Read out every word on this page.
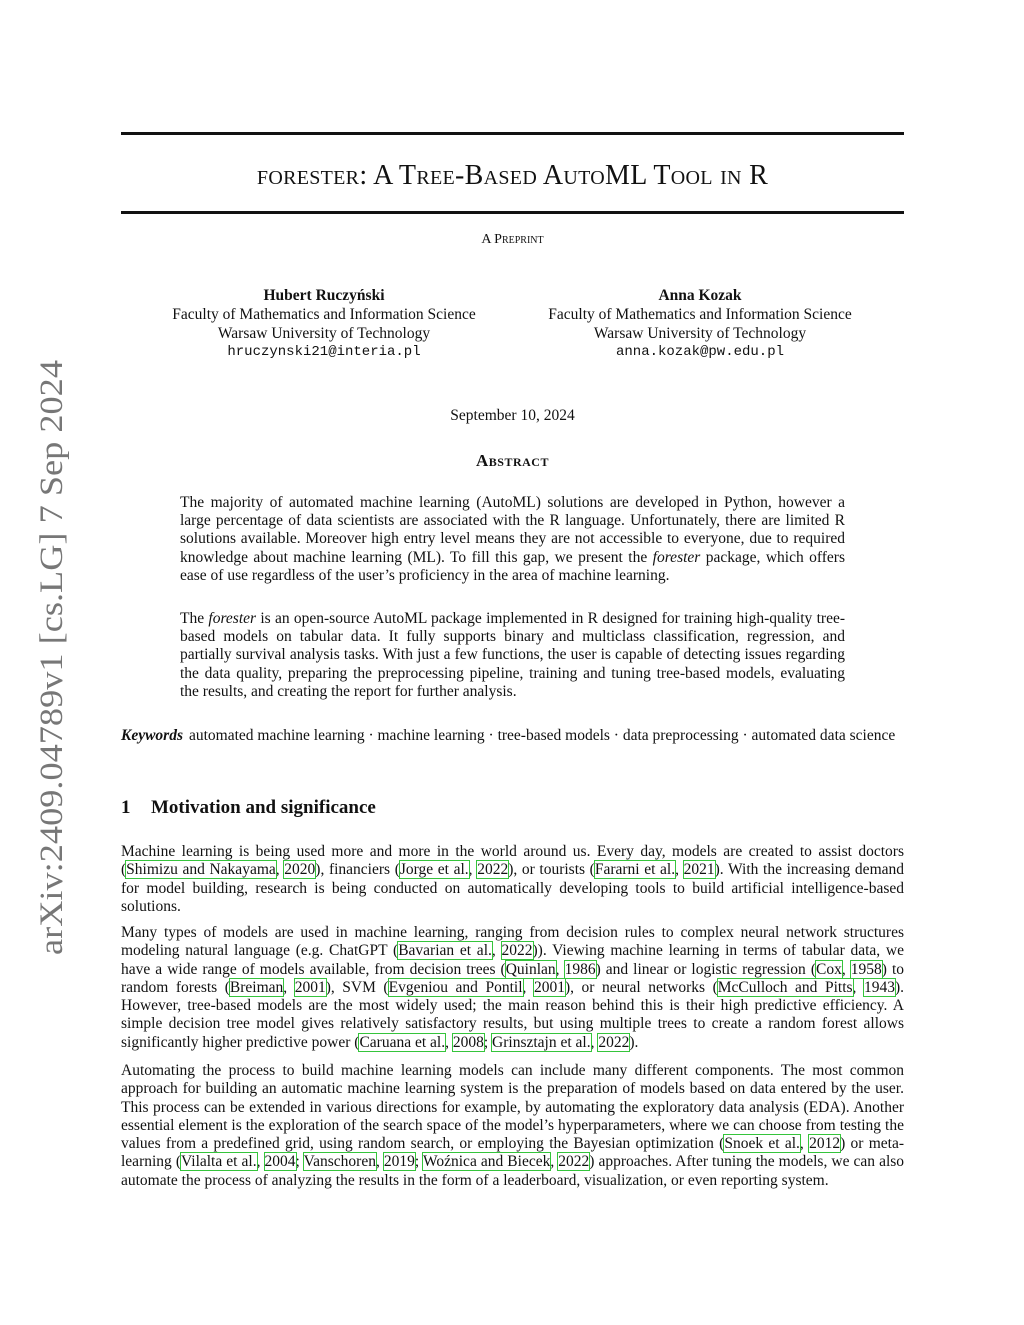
arXiv:2409.04789v1 [cs.LG] 7 Sep 2024
forester: A Tree-Based AutoML Tool in R
A Preprint
Hubert Ruczyński
Faculty of Mathematics and Information Science
Warsaw University of Technology
hruczynski21@interia.pl
Anna Kozak
Faculty of Mathematics and Information Science
Warsaw University of Technology
anna.kozak@pw.edu.pl
September 10, 2024
Abstract
The majority of automated machine learning (AutoML) solutions are developed in Python, however a large percentage of data scientists are associated with the R language. Unfortunately, there are limited R solutions available. Moreover high entry level means they are not accessible to everyone, due to required knowledge about machine learning (ML). To fill this gap, we present the forester package, which offers ease of use regardless of the user’s proficiency in the area of machine learning.
The forester is an open-source AutoML package implemented in R designed for training high-quality tree-based models on tabular data. It fully supports binary and multiclass classification, regression, and partially survival analysis tasks. With just a few functions, the user is capable of detecting issues regarding the data quality, preparing the preprocessing pipeline, training and tuning tree-based models, evaluating the results, and creating the report for further analysis.
Keywords automated machine learning · machine learning · tree-based models · data preprocessing · automated data science
1 Motivation and significance
Machine learning is being used more and more in the world around us. Every day, models are created to assist doctors (Shimizu and Nakayama, 2020), financiers (Jorge et al., 2022), or tourists (Fararni et al., 2021). With the increasing demand for model building, research is being conducted on automatically developing tools to build artificial intelligence-based solutions.
Many types of models are used in machine learning, ranging from decision rules to complex neural network structures modeling natural language (e.g. ChatGPT (Bavarian et al., 2022)). Viewing machine learning in terms of tabular data, we have a wide range of models available, from decision trees (Quinlan, 1986) and linear or logistic regression (Cox, 1958) to random forests (Breiman, 2001), SVM (Evgeniou and Pontil, 2001), or neural networks (McCulloch and Pitts, 1943). However, tree-based models are the most widely used; the main reason behind this is their high predictive efficiency. A simple decision tree model gives relatively satisfactory results, but using multiple trees to create a random forest allows significantly higher predictive power (Caruana et al., 2008; Grinsztajn et al., 2022).
Automating the process to build machine learning models can include many different components. The most common approach for building an automatic machine learning system is the preparation of models based on data entered by the user. This process can be extended in various directions for example, by automating the exploratory data analysis (EDA). Another essential element is the exploration of the search space of the model’s hyperparameters, where we can choose from testing the values from a predefined grid, using random search, or employing the Bayesian optimization (Snoek et al., 2012) or meta-learning (Vilalta et al., 2004; Vanschoren, 2019; Woźnica and Biecek, 2022) approaches. After tuning the models, we can also automate the process of analyzing the results in the form of a leaderboard, visualization, or even reporting system.
